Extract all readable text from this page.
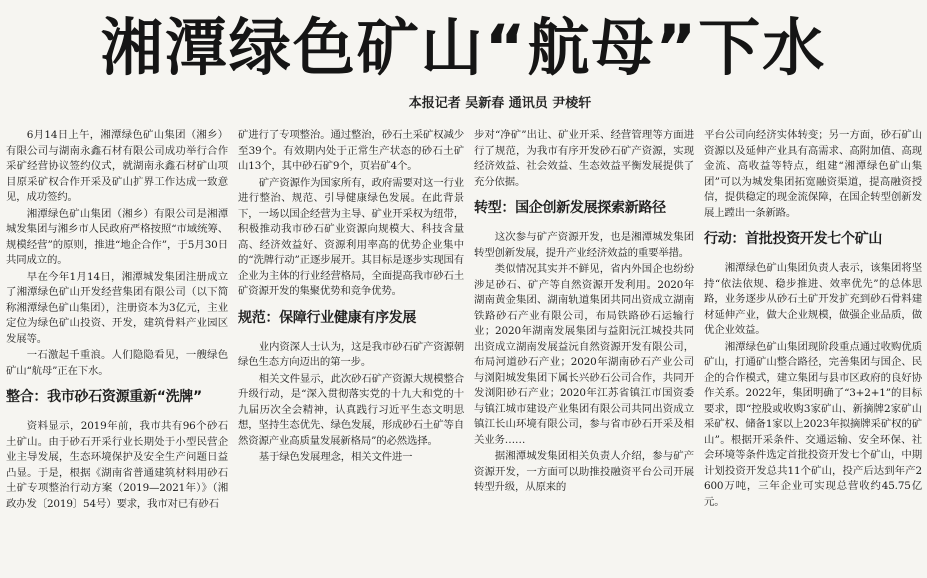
湘潭绿色矿山“航母”下水
本报记者 吴新春 通讯员 尹棱轩

6月14日上午，湘潭绿色矿山集团（湘乡）有限公司与湖南永鑫石材有限公司成功举行合作采矿经营协议签约仪式，就湖南永鑫石材矿山项目原采矿权合作开采及矿山扩界工作达成一致意见，成功签约。

湘潭绿色矿山集团（湘乡）有限公司是湘潭城发集团与湘乡市人民政府严格按照“市域统筹、规模经营”的原则，推进“地企合作”，于5月30日共同成立的。

早在今年1月14日，湘潭城发集团注册成立了湘潭绿色矿山开发经营集团有限公司（以下简称湘潭绿色矿山集团），注册资本为3亿元，主业定位为绿色矿山投资、开发，建筑骨料产业园区发展等。

一石激起千重浪。人们隐隐看见，一艘绿色矿山“航母”正在下水。

整合：我市砂石资源重新“洗牌”

资料显示，2019年前，我市共有96个砂石土矿山。由于砂石开采行业长期处于小型民营企业主导发展，生态环境保护及安全生产问题日益凸显。于是，根据《湖南省普通建筑材料用砂石土矿专项整治行动方案（2019—2021年）》（湘政办发〔2019〕54号）要求，我市对已有砂石

矿进行了专项整治。通过整治，砂石土采矿权减少至39个。有效期内处于正常生产状态的砂石土矿山13个，其中砂石矿9个，页岩矿4个。

矿产资源作为国家所有，政府需要对这一行业进行整治、规范、引导健康绿色发展。在此背景下，一场以国企经营为主导、矿业开采权为纽带，积极推动我市砂石矿业资源向规模大、科技含量高、经济效益好、资源利用率高的优势企业集中的“洗牌行动”正逐步展开。其目标是逐步实现国有企业为主体的行业经营格局，全面提高我市砂石土矿资源开发的集聚优势和竞争优势。

规范：保障行业健康有序发展

业内资深人士认为，这是我市砂石矿产资源朝绿色生态方向迈出的第一步。

相关文件显示，此次砂石矿产资源大规模整合升级行动，是“深入贯彻落实党的十九大和党的十九届历次全会精神，认真践行习近平生态文明思想，坚持生态优先、绿色发展，形成砂石土矿等自然资源产业高质量发展新格局”的必然选择。

基于绿色发展理念，相关文件进一

步对“净矿”出让、矿业开采、经营管理等方面进行了规范，为我市有序开发砂石矿产资源，实现经济效益、社会效益、生态效益平衡发展提供了充分依据。

转型：国企创新发展探索新路径

这次参与矿产资源开发，也是湘潭城发集团转型创新发展，提升产业经济效益的重要举措。

类似情况其实并不鲜见，省内外国企也纷纷涉足砂石、矿产等自然资源开发利用。2020年湖南黄金集团、湖南轨道集团共同出资成立湖南铁路砂石产业有限公司，布局铁路砂石运输行业；2020年湖南发展集团与益阳沅江城投共同出资成立湖南发展益沅自然资源开发有限公司，布局河道砂石产业；2020年湖南砂石产业公司与浏阳城发集团下属长兴砂石公司合作，共同开发浏阳砂石产业；2020年江苏省镇江市国资委与镇江城市建设产业集团有限公司共同出资成立镇江长山环境有限公司，参与省市砂石开采及相关业务……

据湘潭城发集团相关负责人介绍，参与矿产资源开发，一方面可以助推投融资平台公司开展转型升级，从原来的

平台公司向经济实体转变；另一方面，砂石矿山资源以及延伸产业具有高需求、高附加值、高现金流、高收益等特点，组建“湘潭绿色矿山集团”可以为城发集团拓宽融资渠道，提高融资授信，提供稳定的现金流保障，在国企转型创新发展上蹚出一条新路。

行动：首批投资开发七个矿山

湘潭绿色矿山集团负责人表示，该集团将坚持“依法依规、稳步推进、效率优先”的总体思路，业务逐步从砂石土矿开发扩充到砂石骨料建材延伸产业，做大企业规模，做强企业品质，做优企业效益。

湘潭绿色矿山集团现阶段重点通过收购优质矿山，打通矿山整合路径，完善集团与国企、民企的合作模式，建立集团与县市区政府的良好协作关系。2022年，集团明确了“3+2+1”的目标要求，即“控股或收购3家矿山、新摘牌2家矿山采矿权、储备1家以上2023年拟摘牌采矿权的矿山”。根据开采条件、交通运输、安全环保、社会环境等条件选定首批投资开发七个矿山，中期计划投资开发总共11个矿山，投产后达到年产2600万吨，三年企业可实现总营收约45.75亿元。
